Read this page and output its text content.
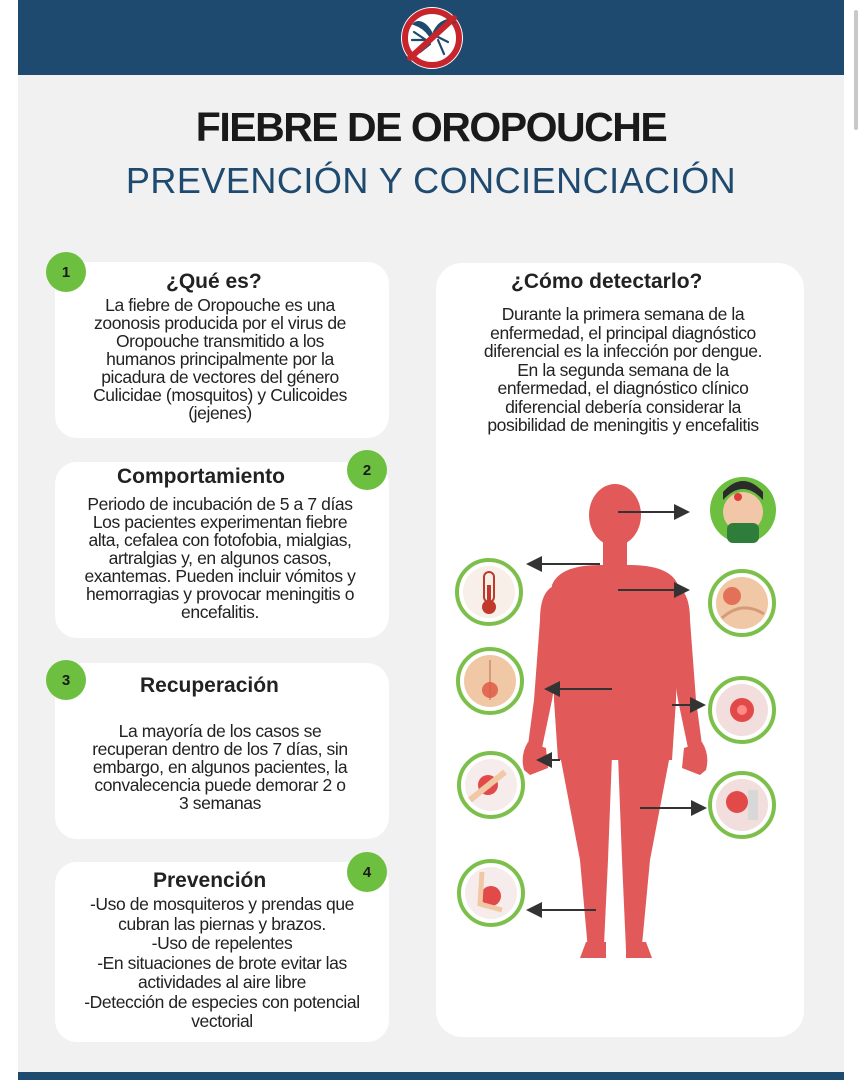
FIEBRE DE OROPOUCHE
PREVENCIÓN Y CONCIENCIACIÓN
1	¿Qué es?
La fiebre de Oropouche es una
zoonosis producida por el virus de
Oropouche transmitido a los
humanos principalmente por la
picadura de vectores del género
Culicidae (mosquitos) y Culicoides
(jejenes)
2
Comportamiento
Periodo de incubación de 5 a 7 días
Los pacientes experimentan fiebre
alta, cefalea con fotofobia, mialgias,
artralgias y, en algunos casos,
exantemas. Pueden incluir vómitos y
hemorragias y provocar meningitis o
encefalitis.
3	Recuperación
La mayoría de los casos se
recuperan dentro de los 7 días, sin
embargo, en algunos pacientes, la
convalecencia puede demorar 2 o
3 semanas
4
Prevención
-Uso de mosquiteros y prendas que
cubran las piernas y brazos.
-Uso de repelentes
-En situaciones de brote evitar las
actividades al aire libre
-Detección de especies con potencial
vectorial
¿Cómo detectarlo?
Durante la primera semana de la
enfermedad, el principal diagnóstico
diferencial es la infección por dengue.
En la segunda semana de la
enfermedad, el diagnóstico clínico
diferencial debería considerar la
posibilidad de meningitis y encefalitis
